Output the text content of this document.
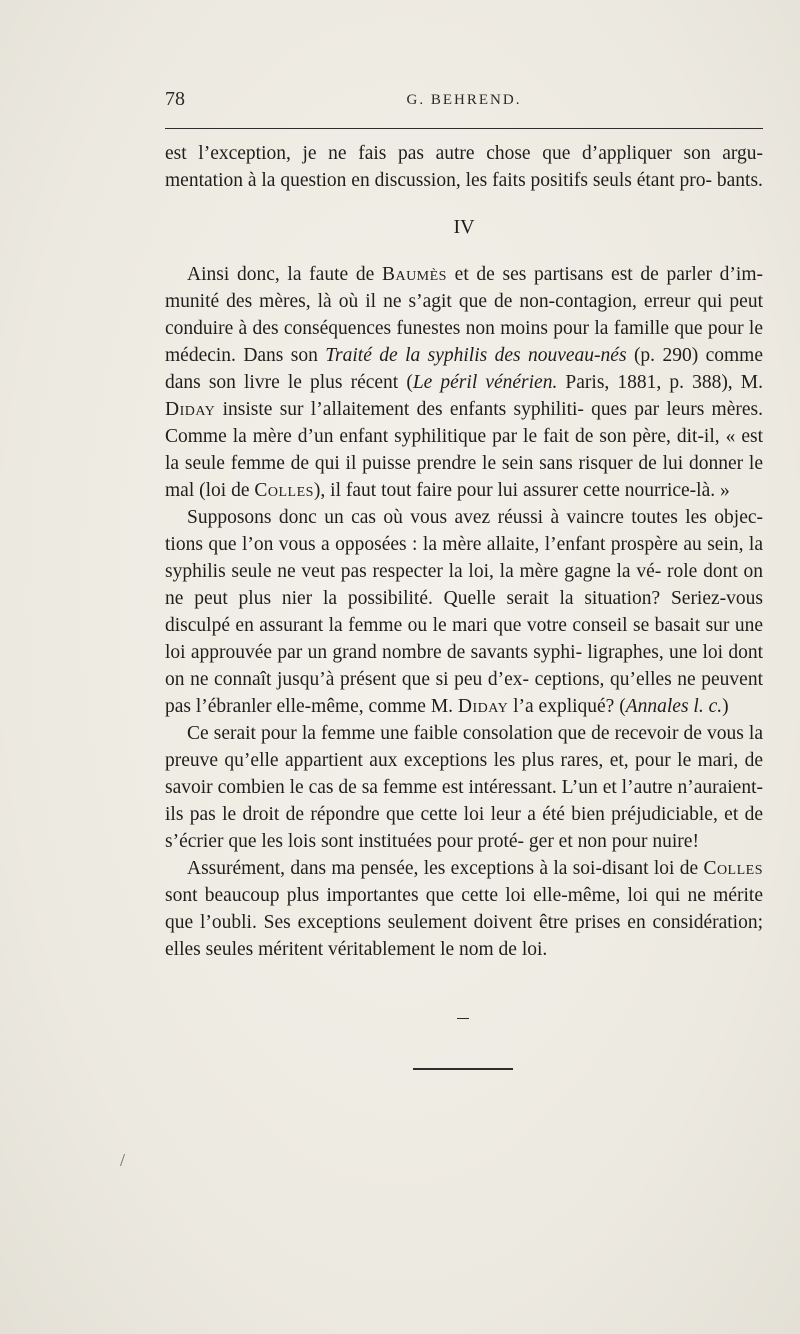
78	G. BEHREND.

est l’exception, je ne fais pas autre chose que d’appliquer son argu- mentation à la question en discussion, les faits positifs seuls étant pro- bants.

IV

Ainsi donc, la faute de Baumès et de ses partisans est de parler d’im- munité des mères, là où il ne s’agit que de non-contagion, erreur qui peut conduire à des conséquences funestes non moins pour la famille que pour le médecin. Dans son Traité de la syphilis des nouveau-nés (p. 290) comme dans son livre le plus récent (Le péril vénérien. Paris, 1881, p. 388), M. Diday insiste sur l’allaitement des enfants syphiliti- ques par leurs mères. Comme la mère d’un enfant syphilitique par le fait de son père, dit-il, « est la seule femme de qui il puisse prendre le sein sans risquer de lui donner le mal (loi de Colles), il faut tout faire pour lui assurer cette nourrice-là. »

Supposons donc un cas où vous avez réussi à vaincre toutes les objec- tions que l’on vous a opposées : la mère allaite, l’enfant prospère au sein, la syphilis seule ne veut pas respecter la loi, la mère gagne la vé- role dont on ne peut plus nier la possibilité. Quelle serait la situation? Seriez-vous disculpé en assurant la femme ou le mari que votre conseil se basait sur une loi approuvée par un grand nombre de savants syphi- ligraphes, une loi dont on ne connaît jusqu’à présent que si peu d’ex- ceptions, qu’elles ne peuvent pas l’ébranler elle-même, comme M. Diday l’a expliqué? (Annales l. c.)

Ce serait pour la femme une faible consolation que de recevoir de vous la preuve qu’elle appartient aux exceptions les plus rares, et, pour le mari, de savoir combien le cas de sa femme est intéressant. L’un et l’autre n’auraient-ils pas le droit de répondre que cette loi leur a été bien préjudiciable, et de s’écrier que les lois sont instituées pour proté- ger et non pour nuire!

Assurément, dans ma pensée, les exceptions à la soi-disant loi de Colles sont beaucoup plus importantes que cette loi elle-même, loi qui ne mérite que l’oubli. Ses exceptions seulement doivent être prises en considération; elles seules méritent véritablement le nom de loi.

/
